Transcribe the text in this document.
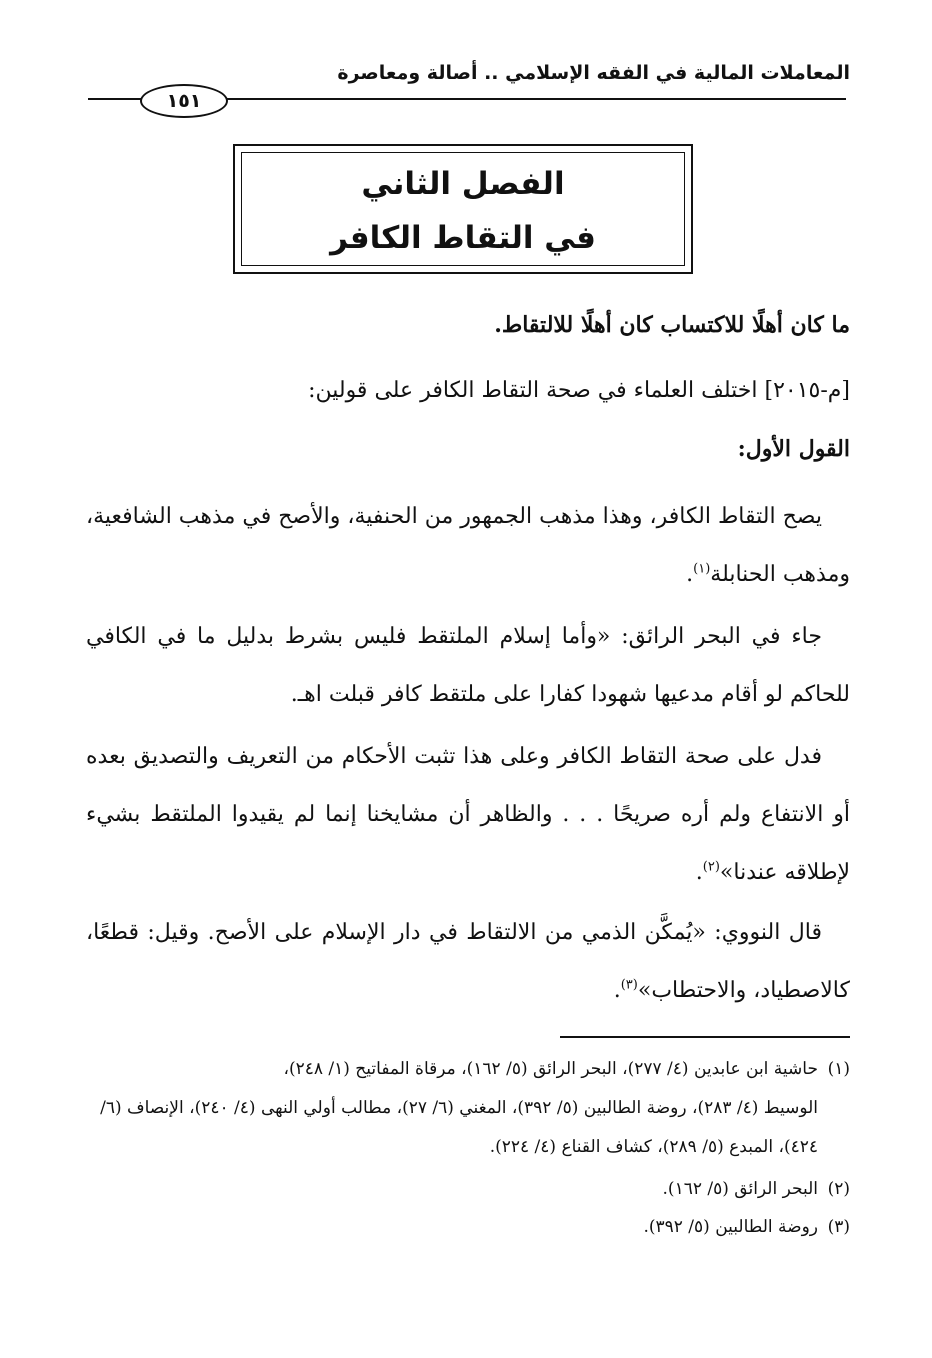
المعاملات المالية في الفقه الإسلامي .. أصالة ومعاصرة
١٥١
الفصل الثاني
في التقاط الكافر
ما كان أهلًا للاكتساب كان أهلًا للالتقاط.
[م-٢٠١٥] اختلف العلماء في صحة التقاط الكافر على قولين:
القول الأول:
يصح التقاط الكافر، وهذا مذهب الجمهور من الحنفية، والأصح في مذهب الشافعية، ومذهب الحنابلة$^{(١)}$.
جاء في البحر الرائق: «وأما إسلام الملتقط فليس بشرط بدليل ما في الكافي للحاكم لو أقام مدعيها شهودا كفارا على ملتقط كافر قبلت اهـ.
فدل على صحة التقاط الكافر وعلى هذا تثبت الأحكام من التعريف والتصديق بعده أو الانتفاع ولم أره صريحًا . . . والظاهر أن مشايخنا إنما لم يقيدوا الملتقط بشيء لإطلاقه عندنا»$^{(٢)}$.
قال النووي: «يُمكَّن الذمي من الالتقاط في دار الإسلام على الأصح. وقيل: قطعًا، كالاصطياد، والاحتطاب»$^{(٣)}$.
(١)حاشية ابن عابدين (٤/ ٢٧٧)، البحر الرائق (٥/ ١٦٢)، مرقاة المفاتيح (١/ ٢٤٨)،
الوسيط (٤/ ٢٨٣)، روضة الطالبين (٥/ ٣٩٢)، المغني (٦/ ٢٧)، مطالب أولي النهى (٤/ ٢٤٠)، الإنصاف (٦/ ٤٢٤)، المبدع (٥/ ٢٨٩)، كشاف القناع (٤/ ٢٢٤).
(٢)البحر الرائق (٥/ ١٦٢).
(٣)روضة الطالبين (٥/ ٣٩٢).
